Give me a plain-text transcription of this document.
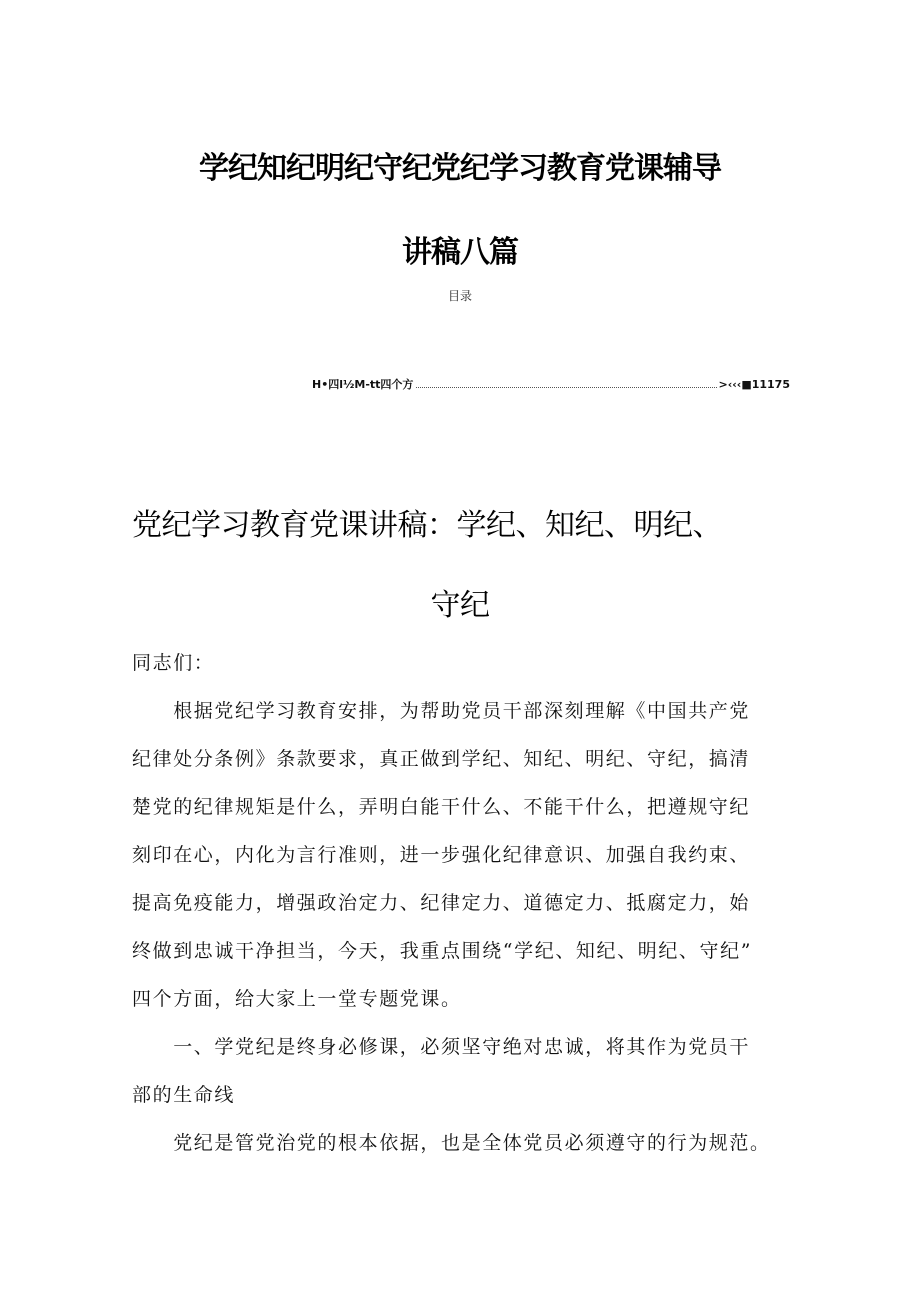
学纪知纪明纪守纪党纪学习教育党课辅导
讲稿八篇
目录
H•四l½M-tt四个方	>‹‹‹■11175
党纪学习教育党课讲稿：学纪、知纪、明纪、
守纪
同志们：
　　根据党纪学习教育安排，为帮助党员干部深刻理解《中国共产党
纪律处分条例》条款要求，真正做到学纪、知纪、明纪、守纪，搞清
楚党的纪律规矩是什么，弄明白能干什么、不能干什么，把遵规守纪
刻印在心，内化为言行准则，进一步强化纪律意识、加强自我约束、
提高免疫能力，增强政治定力、纪律定力、道德定力、抵腐定力，始
终做到忠诚干净担当，今天，我重点围绕“学纪、知纪、明纪、守纪”
四个方面，给大家上一堂专题党课。
　　一、学党纪是终身必修课，必须坚守绝对忠诚，将其作为党员干
部的生命线
　　党纪是管党治党的根本依据，也是全体党员必须遵守的行为规范。
